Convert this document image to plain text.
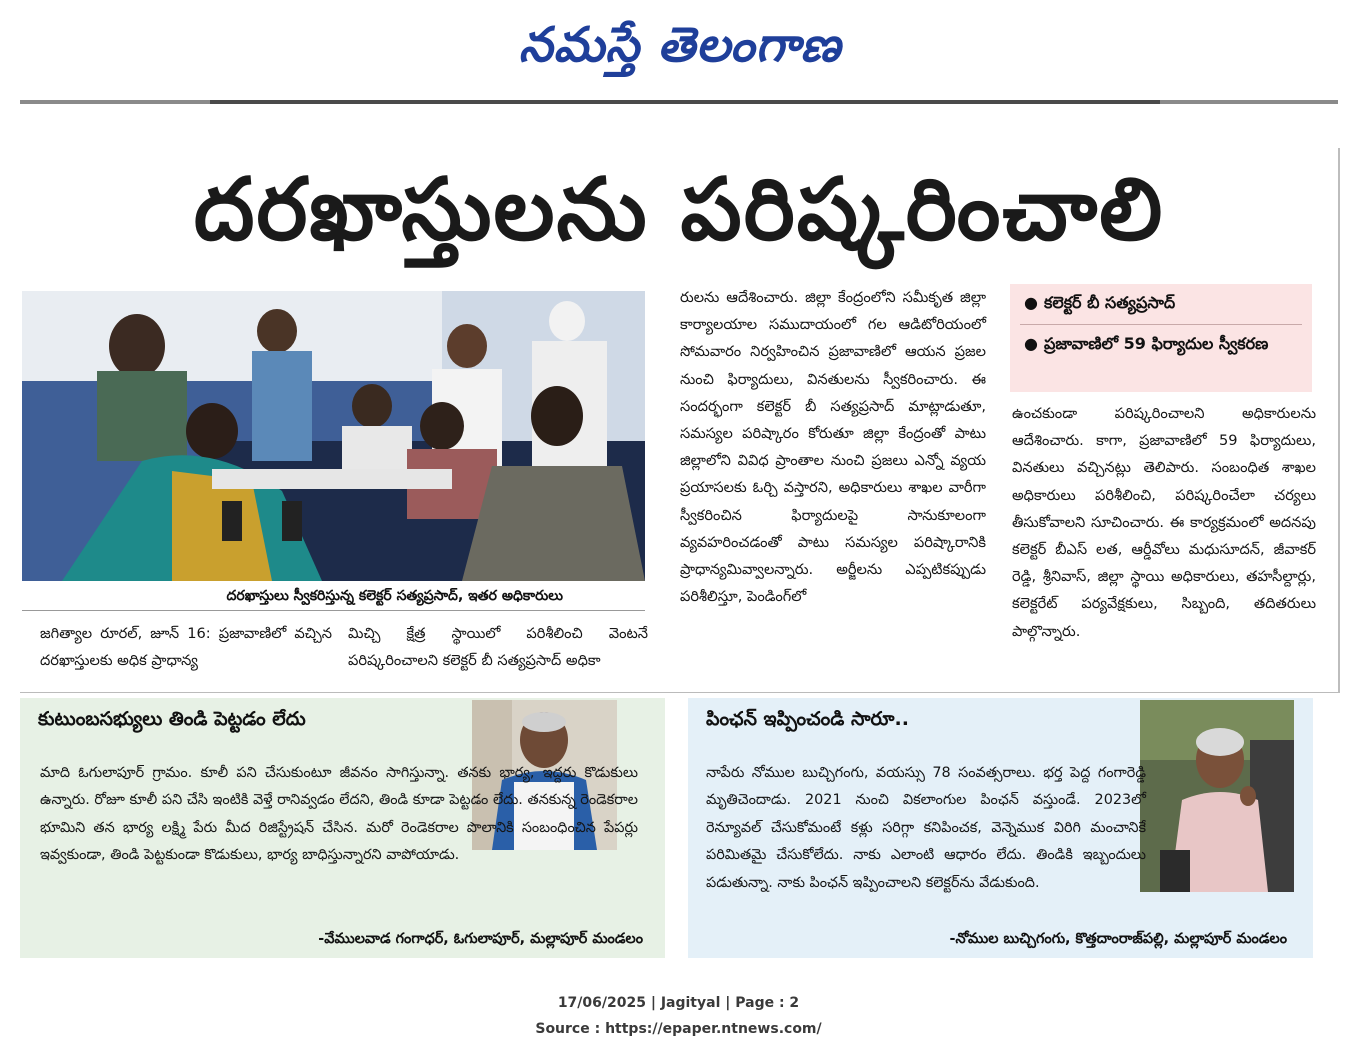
నమస్తే తెలంగాణ
దరఖాస్తులను పరిష్కరించాలి
దరఖాస్తులు స్వీకరిస్తున్న కలెక్టర్‌ సత్యప్రసాద్‌, ఇతర అధికారులు

జగిత్యాల రూరల్‌, జూన్‌ 16: ప్రజావాణిలో వచ్చిన దరఖాస్తులకు అధిక ప్రాధాన్య

మిచ్చి క్షేత్ర స్థాయిలో పరిశీలించి వెంటనే పరిష్కరించాలని కలెక్టర్‌ బీ సత్యప్రసాద్‌ అధికా

రులను ఆదేశించారు. జిల్లా కేంద్రంలోని సమీకృత జిల్లా కార్యాలయాల సముదాయంలో గల ఆడిటోరియంలో సోమవారం నిర్వహించిన ప్రజావాణిలో ఆయన ప్రజల నుంచి ఫిర్యాదులు, వినతులను స్వీకరించారు. ఈ సందర్భంగా కలెక్టర్‌ బీ సత్యప్రసాద్‌ మాట్లాడుతూ, సమస్యల పరిష్కారం కోరుతూ జిల్లా కేంద్రంతో పాటు జిల్లాలోని వివిధ ప్రాంతాల నుంచి ప్రజలు ఎన్నో వ్యయ ప్రయాసలకు ఓర్చి వస్తారని, అధికారులు శాఖల వారీగా స్వీకరించిన ఫిర్యాదులపై సానుకూలంగా వ్యవహరించడంతో పాటు సమస్యల పరిష్కారానికి ప్రాధాన్యమివ్వాలన్నారు. అర్జీలను ఎప్పటికప్పుడు పరిశీలిస్తూ, పెండింగ్‌లో

● కలెక్టర్‌ బీ సత్యప్రసాద్‌
● ప్రజావాణిలో 59 ఫిర్యాదుల స్వీకరణ

ఉంచకుండా పరిష్కరించాలని అధికారులను ఆదేశించారు. కాగా, ప్రజావాణిలో 59 ఫిర్యాదులు, వినతులు వచ్చినట్లు తెలిపారు. సంబంధిత శాఖల అధికారులు పరిశీలించి, పరిష్కరించేలా చర్యలు తీసుకోవాలని సూచించారు. ఈ కార్యక్రమంలో అదనపు కలెక్టర్‌ బీఎస్‌ లత, ఆర్డీవోలు మధుసూదన్‌, జీవాకర్‌ రెడ్డి, శ్రీనివాస్‌, జిల్లా స్థాయి అధికారులు, తహసీల్దార్లు, కలెక్టరేట్‌ పర్యవేక్షకులు, సిబ్బంది, తదితరులు పాల్గొన్నారు.

కుటుంబసభ్యులు తిండి పెట్టడం లేదు
మాది ఓగులాపూర్‌ గ్రామం. కూలీ పని చేసుకుంటూ జీవనం సాగిస్తున్నా. తనకు భార్య, ఇద్దరు కొడుకులు ఉన్నారు. రోజూ కూలీ పని చేసి ఇంటికి వెళ్తే రానివ్వడం లేదని, తిండి కూడా పెట్టడం లేదు. తనకున్న రెండెకరాల భూమిని తన భార్య లక్ష్మి పేరు మీద రిజిస్ట్రేషన్‌ చేసిన. మరో రెండెకరాల పొలానికి సంబంధించిన పేపర్లు ఇవ్వకుండా, తిండి పెట్టకుండా కొడుకులు, భార్య బాధిస్తున్నారని వాపోయాడు.
-వేములవాడ గంగాధర్‌, ఓగులాపూర్‌, మల్లాపూర్‌ మండలం
పింఛన్‌ ఇప్పించండి సారూ..
నాపేరు నోముల బుచ్చిగంగు, వయస్సు 78 సంవత్సరాలు. భర్త పెద్ద గంగారెడ్డి మృతిచెందాడు. 2021 నుంచి వికలాంగుల పింఛన్‌ వస్తుండే. 2023లో రెన్యూవల్‌ చేసుకోమంటే కళ్లు సరిగ్గా కనిపించక, వెన్నెముక విరిగి మంచానికే పరిమితమై చేసుకోలేదు. నాకు ఎలాంటి ఆధారం లేదు. తిండికి ఇబ్బందులు పడుతున్నా. నాకు పింఛన్‌ ఇప్పించాలని కలెక్టర్‌ను వేడుకుంది.
-నోముల బుచ్చిగంగు, కొత్తదాంరాజ్‌పల్లి, మల్లాపూర్‌ మండలం
17/06/2025 | Jagityal | Page : 2
Source : https://epaper.ntnews.com/
